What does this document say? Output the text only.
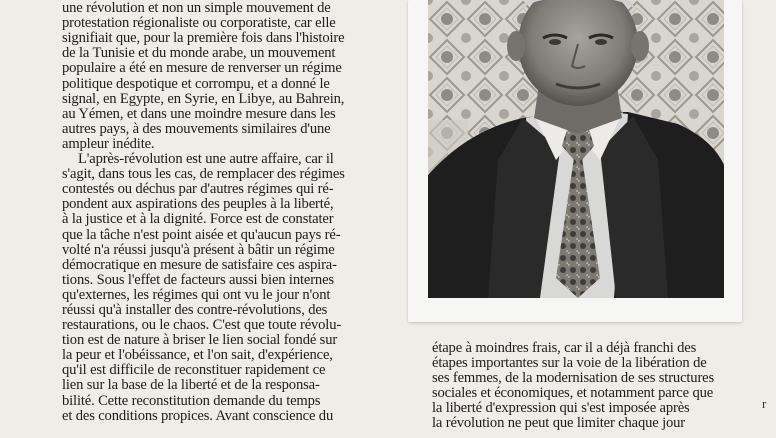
une révolution et non un simple mouvement de
protestation régionaliste ou corporatiste, car elle
signifiait que, pour la première fois dans l'histoire
de la Tunisie et du monde arabe, un mouvement
populaire a été en mesure de renverser un régime
politique despotique et corrompu, et a donné le
signal, en Egypte, en Syrie, en Libye, au Bahrein,
au Yémen, et dans une moindre mesure dans les
autres pays, à des mouvements similaires d'une
ampleur inédite.
L'après-révolution est une autre affaire, car il
s'agit, dans tous les cas, de remplacer des régimes
contestés ou déchus par d'autres régimes qui ré-
pondent aux aspirations des peuples à la liberté,
à la justice et à la dignité. Force est de constater
que la tâche n'est point aisée et qu'aucun pays ré-
volté n'a réussi jusqu'à présent à bâtir un régime
démocratique en mesure de satisfaire ces aspira-
tions. Sous l'effet de facteurs aussi bien internes
qu'externes, les régimes qui ont vu le jour n'ont
réussi qu'à installer des contre-révolutions, des
restaurations, ou le chaos. C'est que toute révolu-
tion est de nature à briser le lien social fondé sur
la peur et l'obéissance, et l'on sait, d'expérience,
qu'il est difficile de reconstituer rapidement ce
lien sur la base de la liberté et de la responsa-
bilité. Cette reconstitution demande du temps
et des conditions propices. Avant conscience du
étape à moindres frais, car il a déjà franchi des
étapes importantes sur la voie de la libération de
ses femmes, de la modernisation de ses structures
sociales et économiques, et notamment parce que
la liberté d'expression qui s'est imposée après
la révolution ne peut que limiter chaque jour
r
